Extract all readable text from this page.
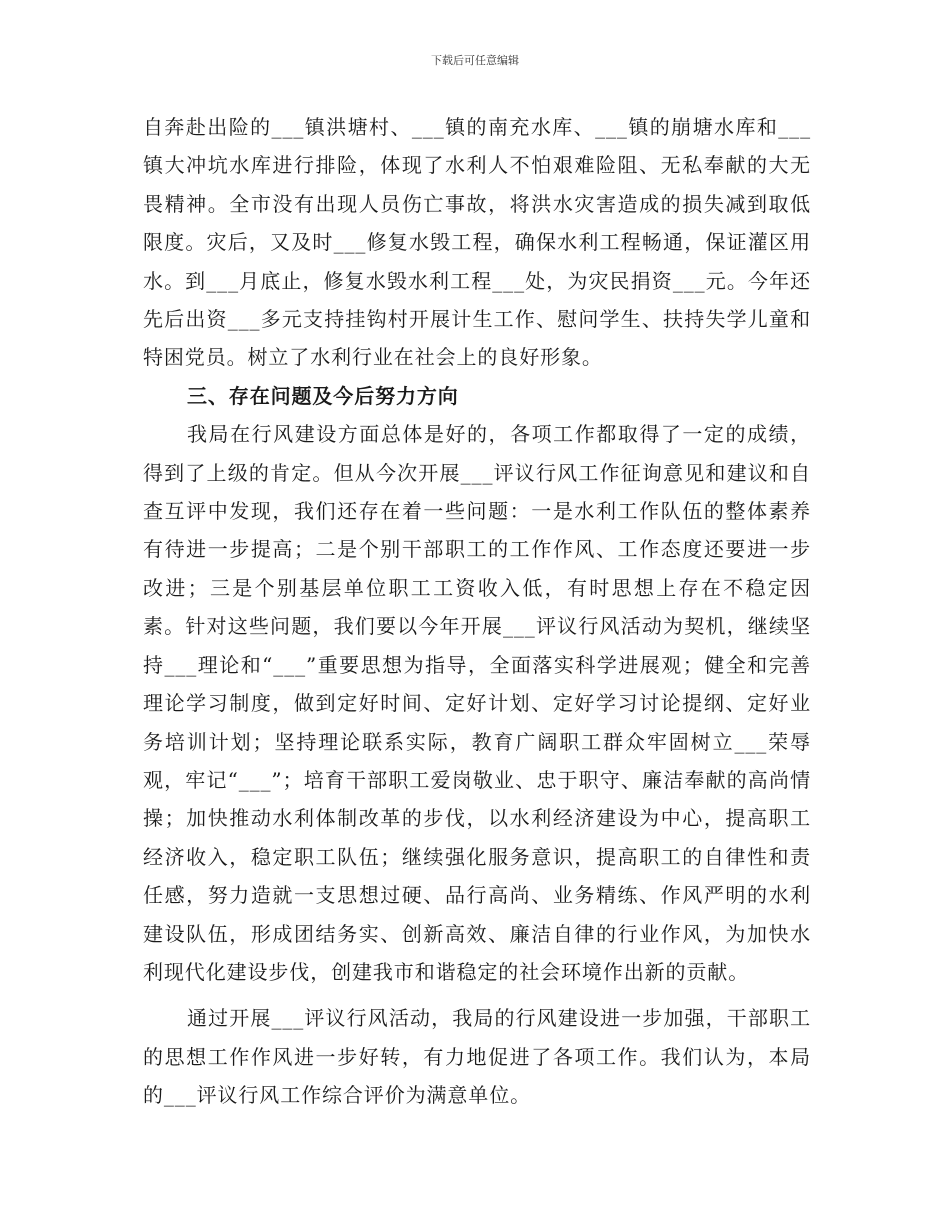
下载后可任意编辑

自奔赴出险的___镇洪塘村、___镇的南充水库、___镇的崩塘水库和___镇大冲坑水库进行排险，体现了水利人不怕艰难险阻、无私奉献的大无畏精神。全市没有出现人员伤亡事故，将洪水灾害造成的损失减到取低限度。灾后，又及时___修复水毁工程，确保水利工程畅通，保证灌区用水。到___月底止，修复水毁水利工程___处，为灾民捐资___元。今年还先后出资___多元支持挂钩村开展计生工作、慰问学生、扶持失学儿童和特困党员。树立了水利行业在社会上的良好形象。

三、存在问题及今后努力方向

我局在行风建设方面总体是好的，各项工作都取得了一定的成绩，得到了上级的肯定。但从今次开展___评议行风工作征询意见和建议和自查互评中发现，我们还存在着一些问题：一是水利工作队伍的整体素养有待进一步提高；二是个别干部职工的工作作风、工作态度还要进一步改进；三是个别基层单位职工工资收入低，有时思想上存在不稳定因素。针对这些问题，我们要以今年开展___评议行风活动为契机，继续坚持___理论和“___”重要思想为指导，全面落实科学进展观；健全和完善理论学习制度，做到定好时间、定好计划、定好学习讨论提纲、定好业务培训计划；坚持理论联系实际，教育广阔职工群众牢固树立___荣辱观，牢记“___”；培育干部职工爱岗敬业、忠于职守、廉洁奉献的高尚情操；加快推动水利体制改革的步伐，以水利经济建设为中心，提高职工经济收入，稳定职工队伍；继续强化服务意识，提高职工的自律性和责任感，努力造就一支思想过硬、品行高尚、业务精练、作风严明的水利建设队伍，形成团结务实、创新高效、廉洁自律的行业作风，为加快水利现代化建设步伐，创建我市和谐稳定的社会环境作出新的贡献。

通过开展___评议行风活动，我局的行风建设进一步加强，干部职工的思想工作作风进一步好转，有力地促进了各项工作。我们认为，本局的___评议行风工作综合评价为满意单位。
